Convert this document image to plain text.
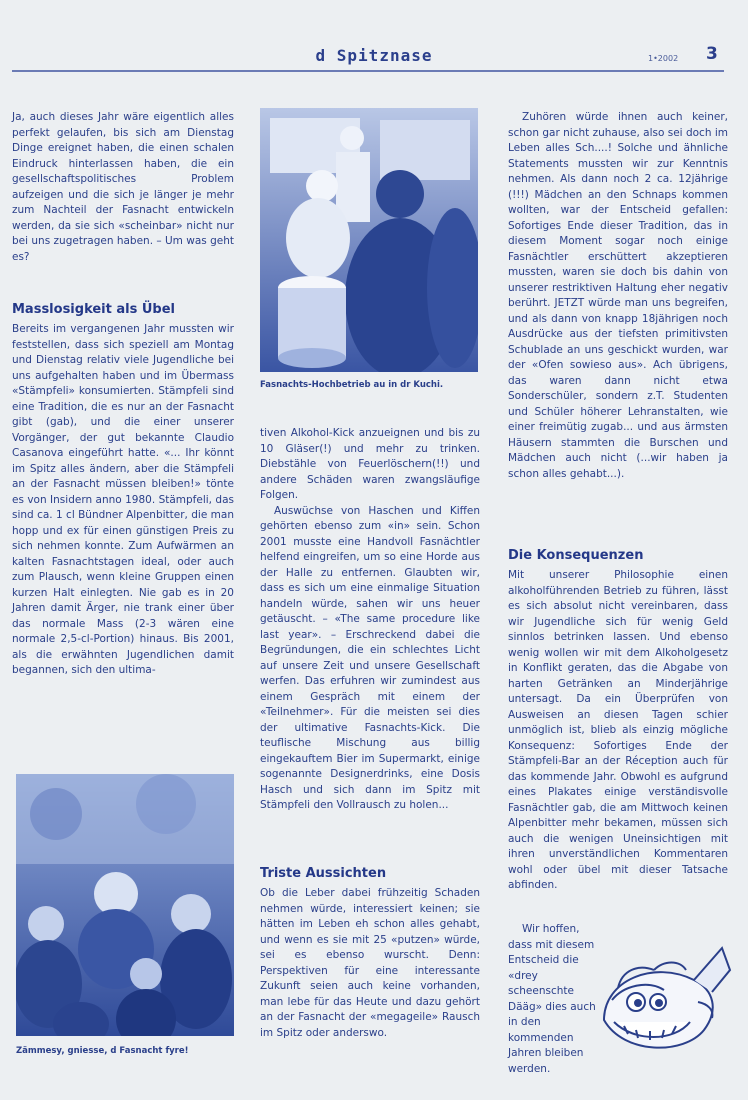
d Spitznase	1•2002 3

Ja, auch dieses Jahr wäre eigentlich alles perfekt gelaufen, bis sich am Dienstag Dinge ereignet haben, die einen schalen Eindruck hinterlassen haben, die ein gesellschaftspolitisches Problem aufzeigen und die sich je länger je mehr zum Nachteil der Fasnacht entwickeln werden, da sie sich «scheinbar» nicht nur bei uns zugetragen haben. – Um was geht es?

Masslosigkeit als Übel

Bereits im vergangenen Jahr mussten wir feststellen, dass sich speziell am Montag und Dienstag relativ viele Jugendliche bei uns aufgehalten haben und im Übermass «Stämpfeli» konsumierten. Stämpfeli sind eine Tradition, die es nur an der Fasnacht gibt (gab), und die einer unserer Vorgänger, der gut bekannte Claudio Casanova eingeführt hatte. «... Ihr könnt im Spitz alles ändern, aber die Stämpfeli an der Fasnacht müssen bleiben!» tönte es von Insidern anno 1980. Stämpfeli, das sind ca. 1 cl Bündner Alpenbitter, die man hopp und ex für einen günstigen Preis zu sich nehmen konnte. Zum Aufwärmen an kalten Fasnachtstagen ideal, oder auch zum Plausch, wenn kleine Gruppen einen kurzen Halt einlegten. Nie gab es in 20 Jahren damit Ärger, nie trank einer über das normale Mass (2-3 wären eine normale 2,5-cl-Portion) hinaus. Bis 2001, als die erwähnten Jugendlichen damit begannen, sich den ultima-

Zämmesy, gniesse, d Fasnacht fyre!
Fasnachts-Hochbetrieb au in dr Kuchi.

tiven Alkohol-Kick anzueignen und bis zu 10 Gläser(!) und mehr zu trinken. Diebstähle von Feuerlöschern(!!) und andere Schäden waren zwangsläufige Folgen.

Auswüchse von Haschen und Kiffen gehörten ebenso zum «in» sein. Schon 2001 musste eine Handvoll Fasnächtler helfend eingreifen, um so eine Horde aus der Halle zu entfernen. Glaubten wir, dass es sich um eine einmalige Situation handeln würde, sahen wir uns heuer getäuscht. – «The same procedure like last year». – Erschreckend dabei die Begründungen, die ein schlechtes Licht auf unsere Zeit und unsere Gesellschaft werfen. Das erfuhren wir zumindest aus einem Gespräch mit einem der «Teilnehmer». Für die meisten sei dies der ultimative Fasnachts-Kick. Die teuflische Mischung aus billig eingekauftem Bier im Supermarkt, einige sogenannte Designerdrinks, eine Dosis Hasch und sich dann im Spitz mit Stämpfeli den Vollrausch zu holen...

Triste Aussichten

Ob die Leber dabei frühzeitig Schaden nehmen würde, interessiert keinen; sie hätten im Leben eh schon alles gehabt, und wenn es sie mit 25 «putzen» würde, sei es ebenso wurscht. Denn: Perspektiven für eine interessante Zukunft seien auch keine vorhanden, man lebe für das Heute und dazu gehört an der Fasnacht der «megageile» Rausch im Spitz oder anderswo.

Zuhören würde ihnen auch keiner, schon gar nicht zuhause, also sei doch im Leben alles Sch....! Solche und ähnliche Statements mussten wir zur Kenntnis nehmen. Als dann noch 2 ca. 12jährige (!!!) Mädchen an den Schnaps kommen wollten, war der Entscheid gefallen: Sofortiges Ende dieser Tradition, das in diesem Moment sogar noch einige Fasnächtler erschüttert akzeptieren mussten, waren sie doch bis dahin von unserer restriktiven Haltung eher negativ berührt. JETZT würde man uns begreifen, und als dann von knapp 18jährigen noch Ausdrücke aus der tiefsten primitivsten Schublade an uns geschickt wurden, war der «Ofen sowieso aus». Ach übrigens, das waren dann nicht etwa Sonderschüler, sondern z.T. Studenten und Schüler höherer Lehranstalten, wie einer freimütig zugab... und aus ärmsten Häusern stammten die Burschen und Mädchen auch nicht (...wir haben ja schon alles gehabt...).

Die Konsequenzen

Mit unserer Philosophie einen alkoholführenden Betrieb zu führen, lässt es sich absolut nicht vereinbaren, dass wir Jugendliche sich für wenig Geld sinnlos betrinken lassen. Und ebenso wenig wollen wir mit dem Alkoholgesetz in Konflikt geraten, das die Abgabe von harten Getränken an Minderjährige untersagt. Da ein Überprüfen von Ausweisen an diesen Tagen schier unmöglich ist, blieb als einzig mögliche Konsequenz: Sofortiges Ende der Stämpfeli-Bar an der Réception auch für das kommende Jahr. Obwohl es aufgrund eines Plakates einige verständisvolle Fasnächtler gab, die am Mittwoch keinen Alpenbitter mehr bekamen, müssen sich auch die wenigen Uneinsichtigen mit ihren unverständlichen Kommentaren wohl oder übel mit dieser Tatsache abfinden.

Wir hoffen, dass mit diesem Entscheid die «drey scheenschte Dääg» dies auch in den kommenden Jahren bleiben werden.
